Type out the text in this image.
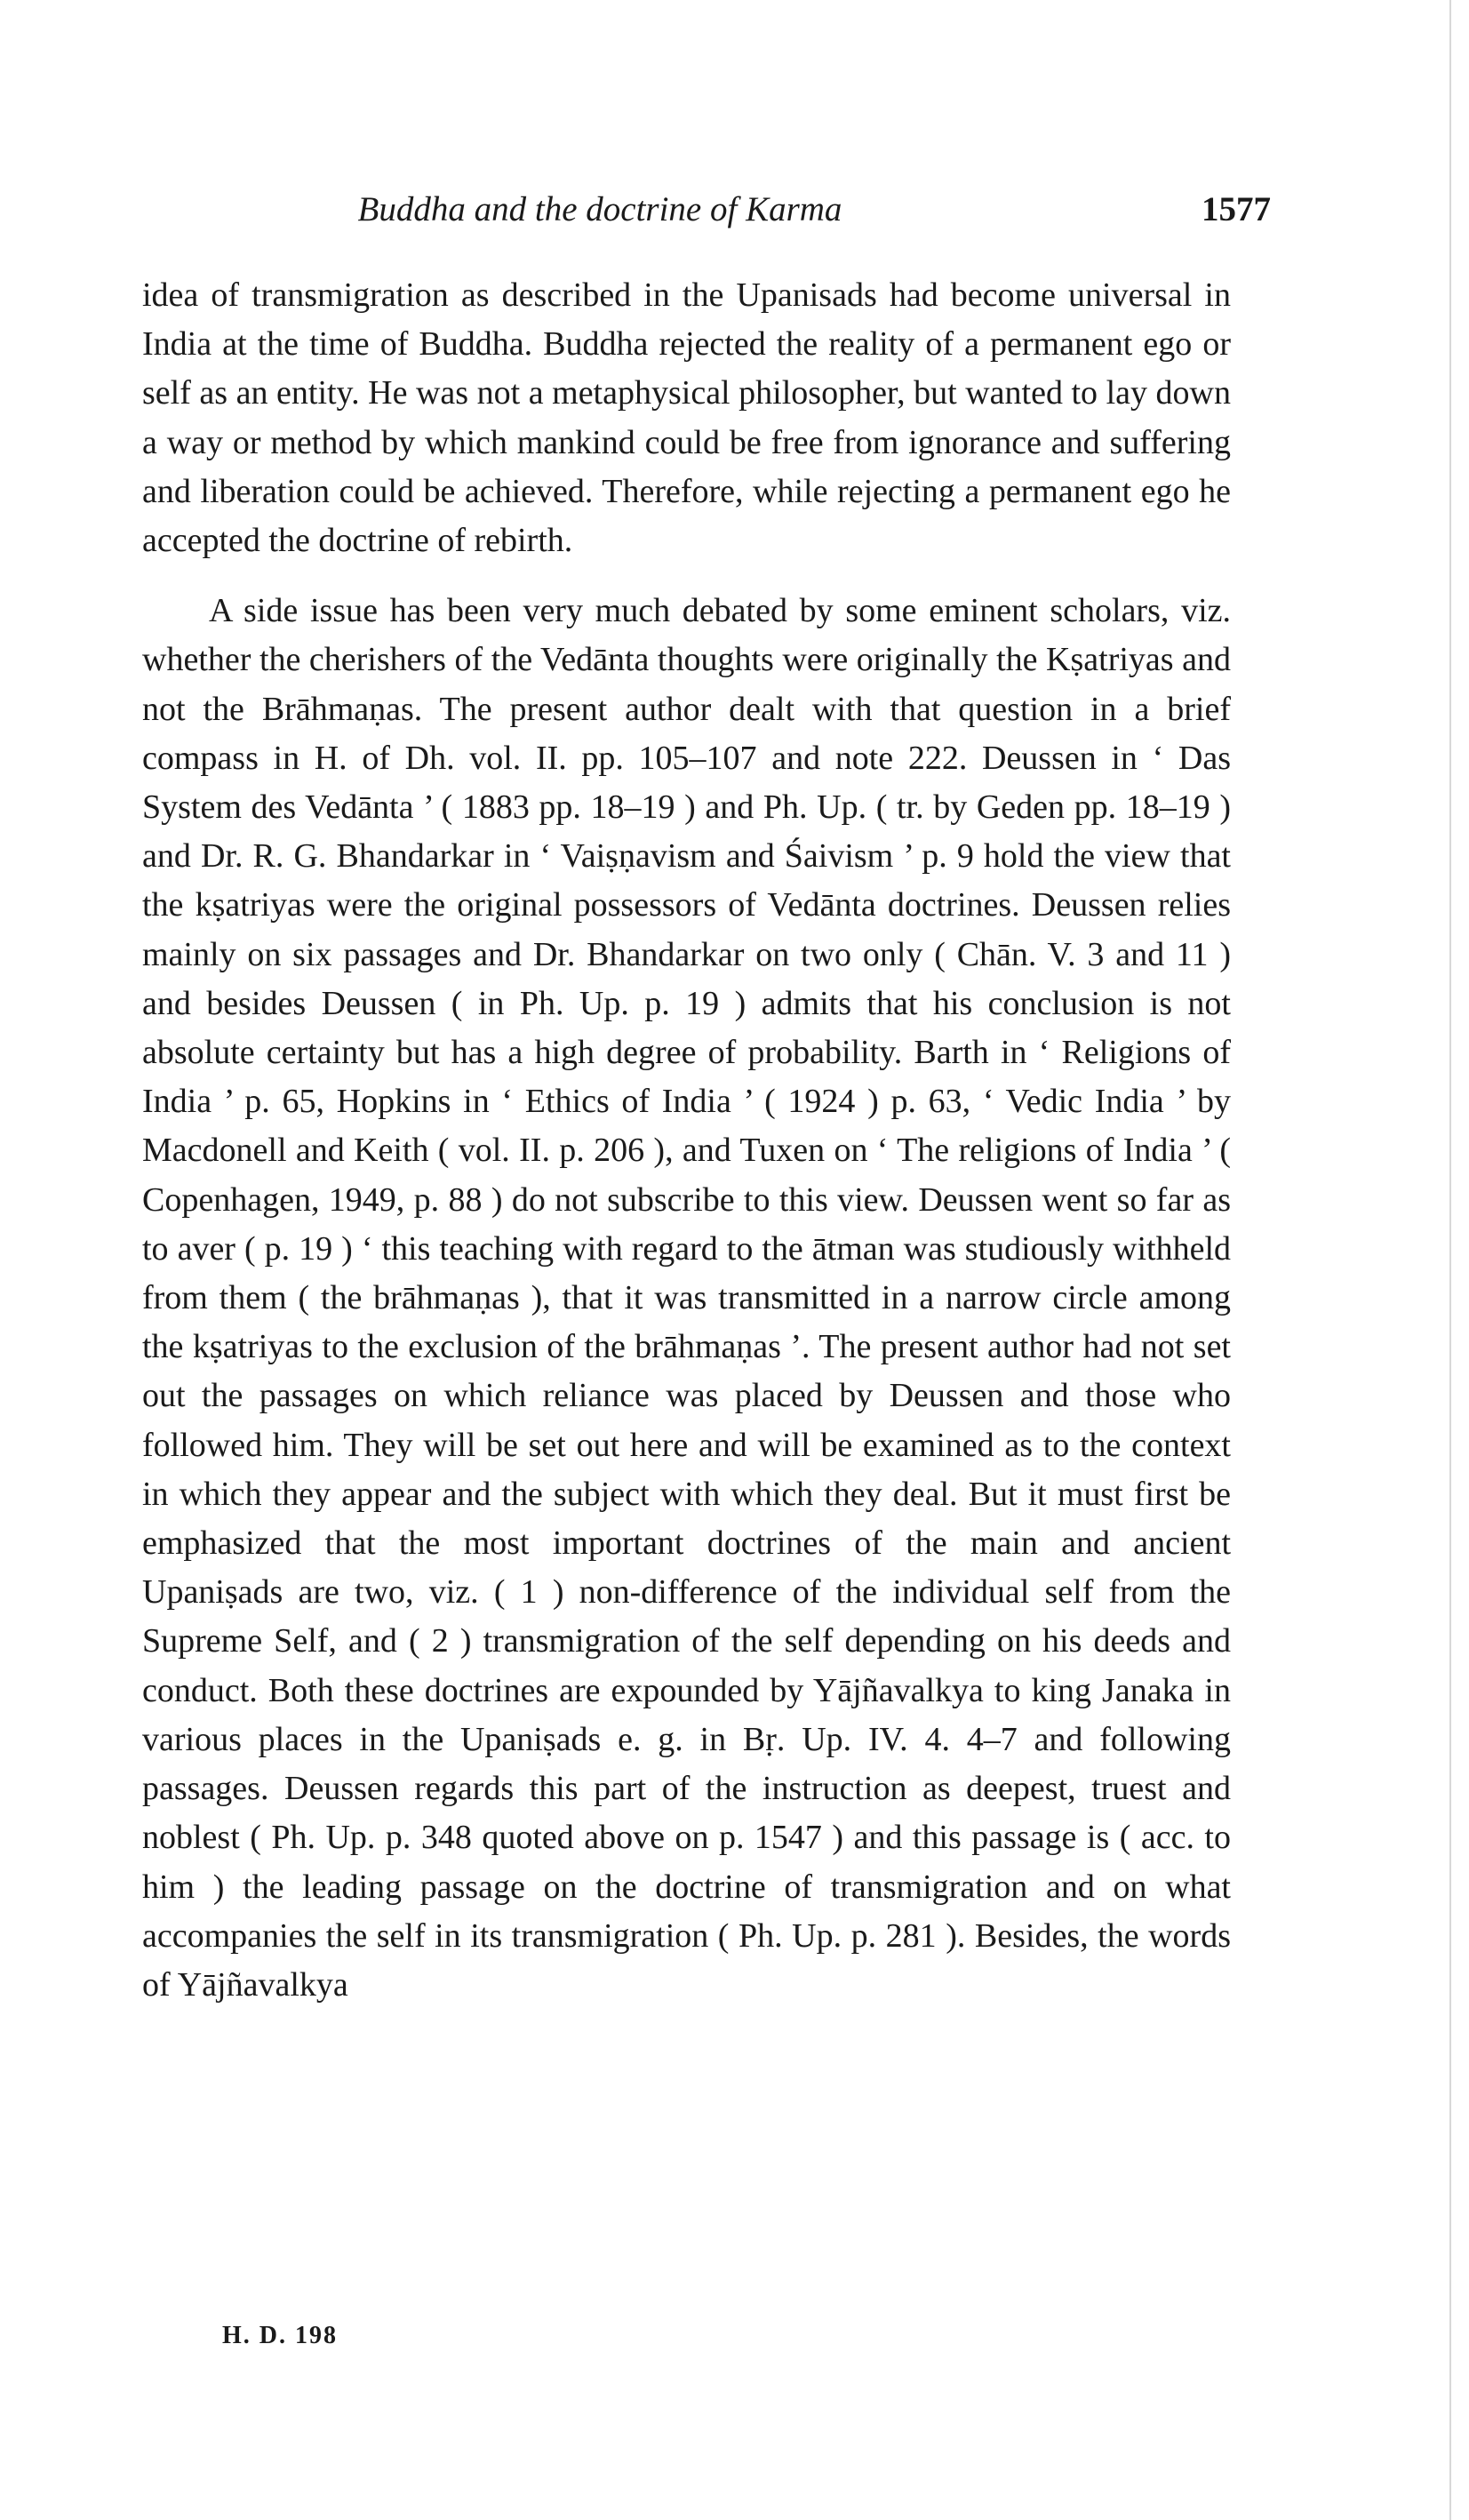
Buddha and the doctrine of Karma	1577

idea of transmigration as described in the Upanisads had become universal in India at the time of Buddha. Buddha rejected the reality of a permanent ego or self as an entity. He was not a metaphysical philosopher, but wanted to lay down a way or method by which mankind could be free from ignorance and suffering and liberation could be achieved. Therefore, while rejecting a permanent ego he accepted the doctrine of rebirth.

A side issue has been very much debated by some eminent scholars, viz. whether the cherishers of the Vedānta thoughts were originally the Kṣatriyas and not the Brāhmaṇas. The present author dealt with that question in a brief compass in H. of Dh. vol. II. pp. 105–107 and note 222. Deussen in ‘ Das System des Vedānta ’ ( 1883 pp. 18–19 ) and Ph. Up. ( tr. by Geden pp. 18–19 ) and Dr. R. G. Bhandarkar in ‘ Vaiṣṇavism and Śaivism ’ p. 9 hold the view that the kṣatriyas were the original possessors of Vedānta doctrines. Deussen relies mainly on six passages and Dr. Bhandarkar on two only ( Chān. V. 3 and 11 ) and besides Deussen ( in Ph. Up. p. 19 ) admits that his conclusion is not absolute certainty but has a high degree of probability. Barth in ‘ Religions of India ’ p. 65, Hopkins in ‘ Ethics of India ’ ( 1924 ) p. 63, ‘ Vedic India ’ by Macdonell and Keith ( vol. II. p. 206 ), and Tuxen on ‘ The religions of India ’ ( Copenhagen, 1949, p. 88 ) do not subscribe to this view. Deussen went so far as to aver ( p. 19 ) ‘ this teaching with regard to the ātman was studiously withheld from them ( the brāhmaṇas ), that it was transmitted in a narrow circle among the kṣatriyas to the exclusion of the brāhmaṇas ’. The present author had not set out the passages on which reliance was placed by Deussen and those who followed him. They will be set out here and will be examined as to the context in which they appear and the subject with which they deal. But it must first be emphasized that the most important doctrines of the main and ancient Upaniṣads are two, viz. ( 1 ) non-difference of the individual self from the Supreme Self, and ( 2 ) transmigration of the self depending on his deeds and conduct. Both these doctrines are expounded by Yājñavalkya to king Janaka in various places in the Upaniṣads e. g. in Bṛ. Up. IV. 4. 4–7 and following passages. Deussen regards this part of the instruction as deepest, truest and noblest ( Ph. Up. p. 348 quoted above on p. 1547 ) and this passage is ( acc. to him ) the leading passage on the doctrine of transmigration and on what accompanies the self in its transmigration ( Ph. Up. p. 281 ). Besides, the words of Yājñavalkya

H. D. 198
